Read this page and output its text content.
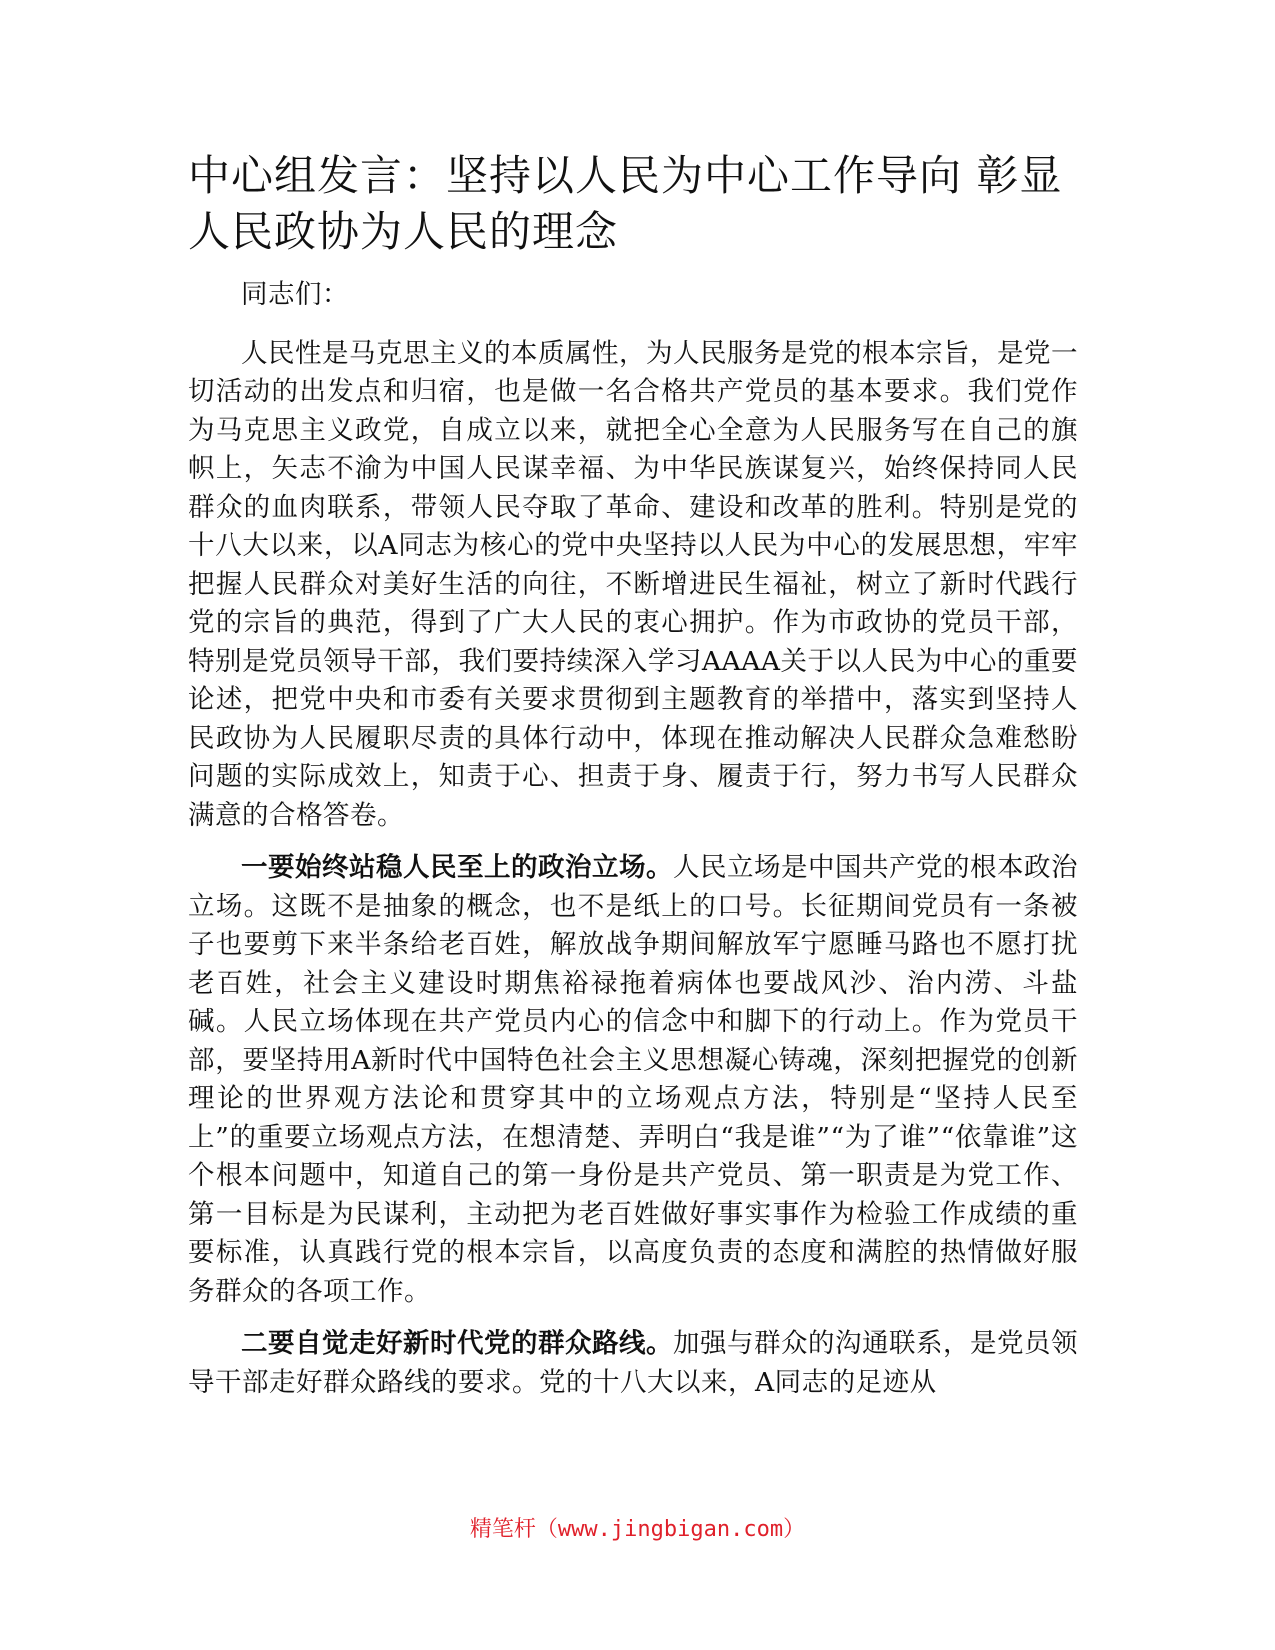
中心组发言：坚持以人民为中心工作导向 彰显人民政协为人民的理念

同志们：

人民性是马克思主义的本质属性，为人民服务是党的根本宗旨，是党一切活动的出发点和归宿，也是做一名合格共产党员的基本要求。我们党作为马克思主义政党，自成立以来，就把全心全意为人民服务写在自己的旗帜上，矢志不渝为中国人民谋幸福、为中华民族谋复兴，始终保持同人民群众的血肉联系，带领人民夺取了革命、建设和改革的胜利。特别是党的十八大以来，以A同志为核心的党中央坚持以人民为中心的发展思想，牢牢把握人民群众对美好生活的向往，不断增进民生福祉，树立了新时代践行党的宗旨的典范，得到了广大人民的衷心拥护。作为市政协的党员干部，特别是党员领导干部，我们要持续深入学习AAAA关于以人民为中心的重要论述，把党中央和市委有关要求贯彻到主题教育的举措中，落实到坚持人民政协为人民履职尽责的具体行动中，体现在推动解决人民群众急难愁盼问题的实际成效上，知责于心、担责于身、履责于行，努力书写人民群众满意的合格答卷。

一要始终站稳人民至上的政治立场。人民立场是中国共产党的根本政治立场。这既不是抽象的概念，也不是纸上的口号。长征期间党员有一条被子也要剪下来半条给老百姓，解放战争期间解放军宁愿睡马路也不愿打扰老百姓，社会主义建设时期焦裕禄拖着病体也要战风沙、治内涝、斗盐碱。人民立场体现在共产党员内心的信念中和脚下的行动上。作为党员干部，要坚持用A新时代中国特色社会主义思想凝心铸魂，深刻把握党的创新理论的世界观方法论和贯穿其中的立场观点方法，特别是“坚持人民至上”的重要立场观点方法，在想清楚、弄明白“我是谁”“为了谁”“依靠谁”这个根本问题中，知道自己的第一身份是共产党员、第一职责是为党工作、第一目标是为民谋利，主动把为老百姓做好事实事作为检验工作成绩的重要标准，认真践行党的根本宗旨，以高度负责的态度和满腔的热情做好服务群众的各项工作。

二要自觉走好新时代党的群众路线。加强与群众的沟通联系，是党员领导干部走好群众路线的要求。党的十八大以来，A同志的足迹从

精笔杆（www.jingbigan.com）
